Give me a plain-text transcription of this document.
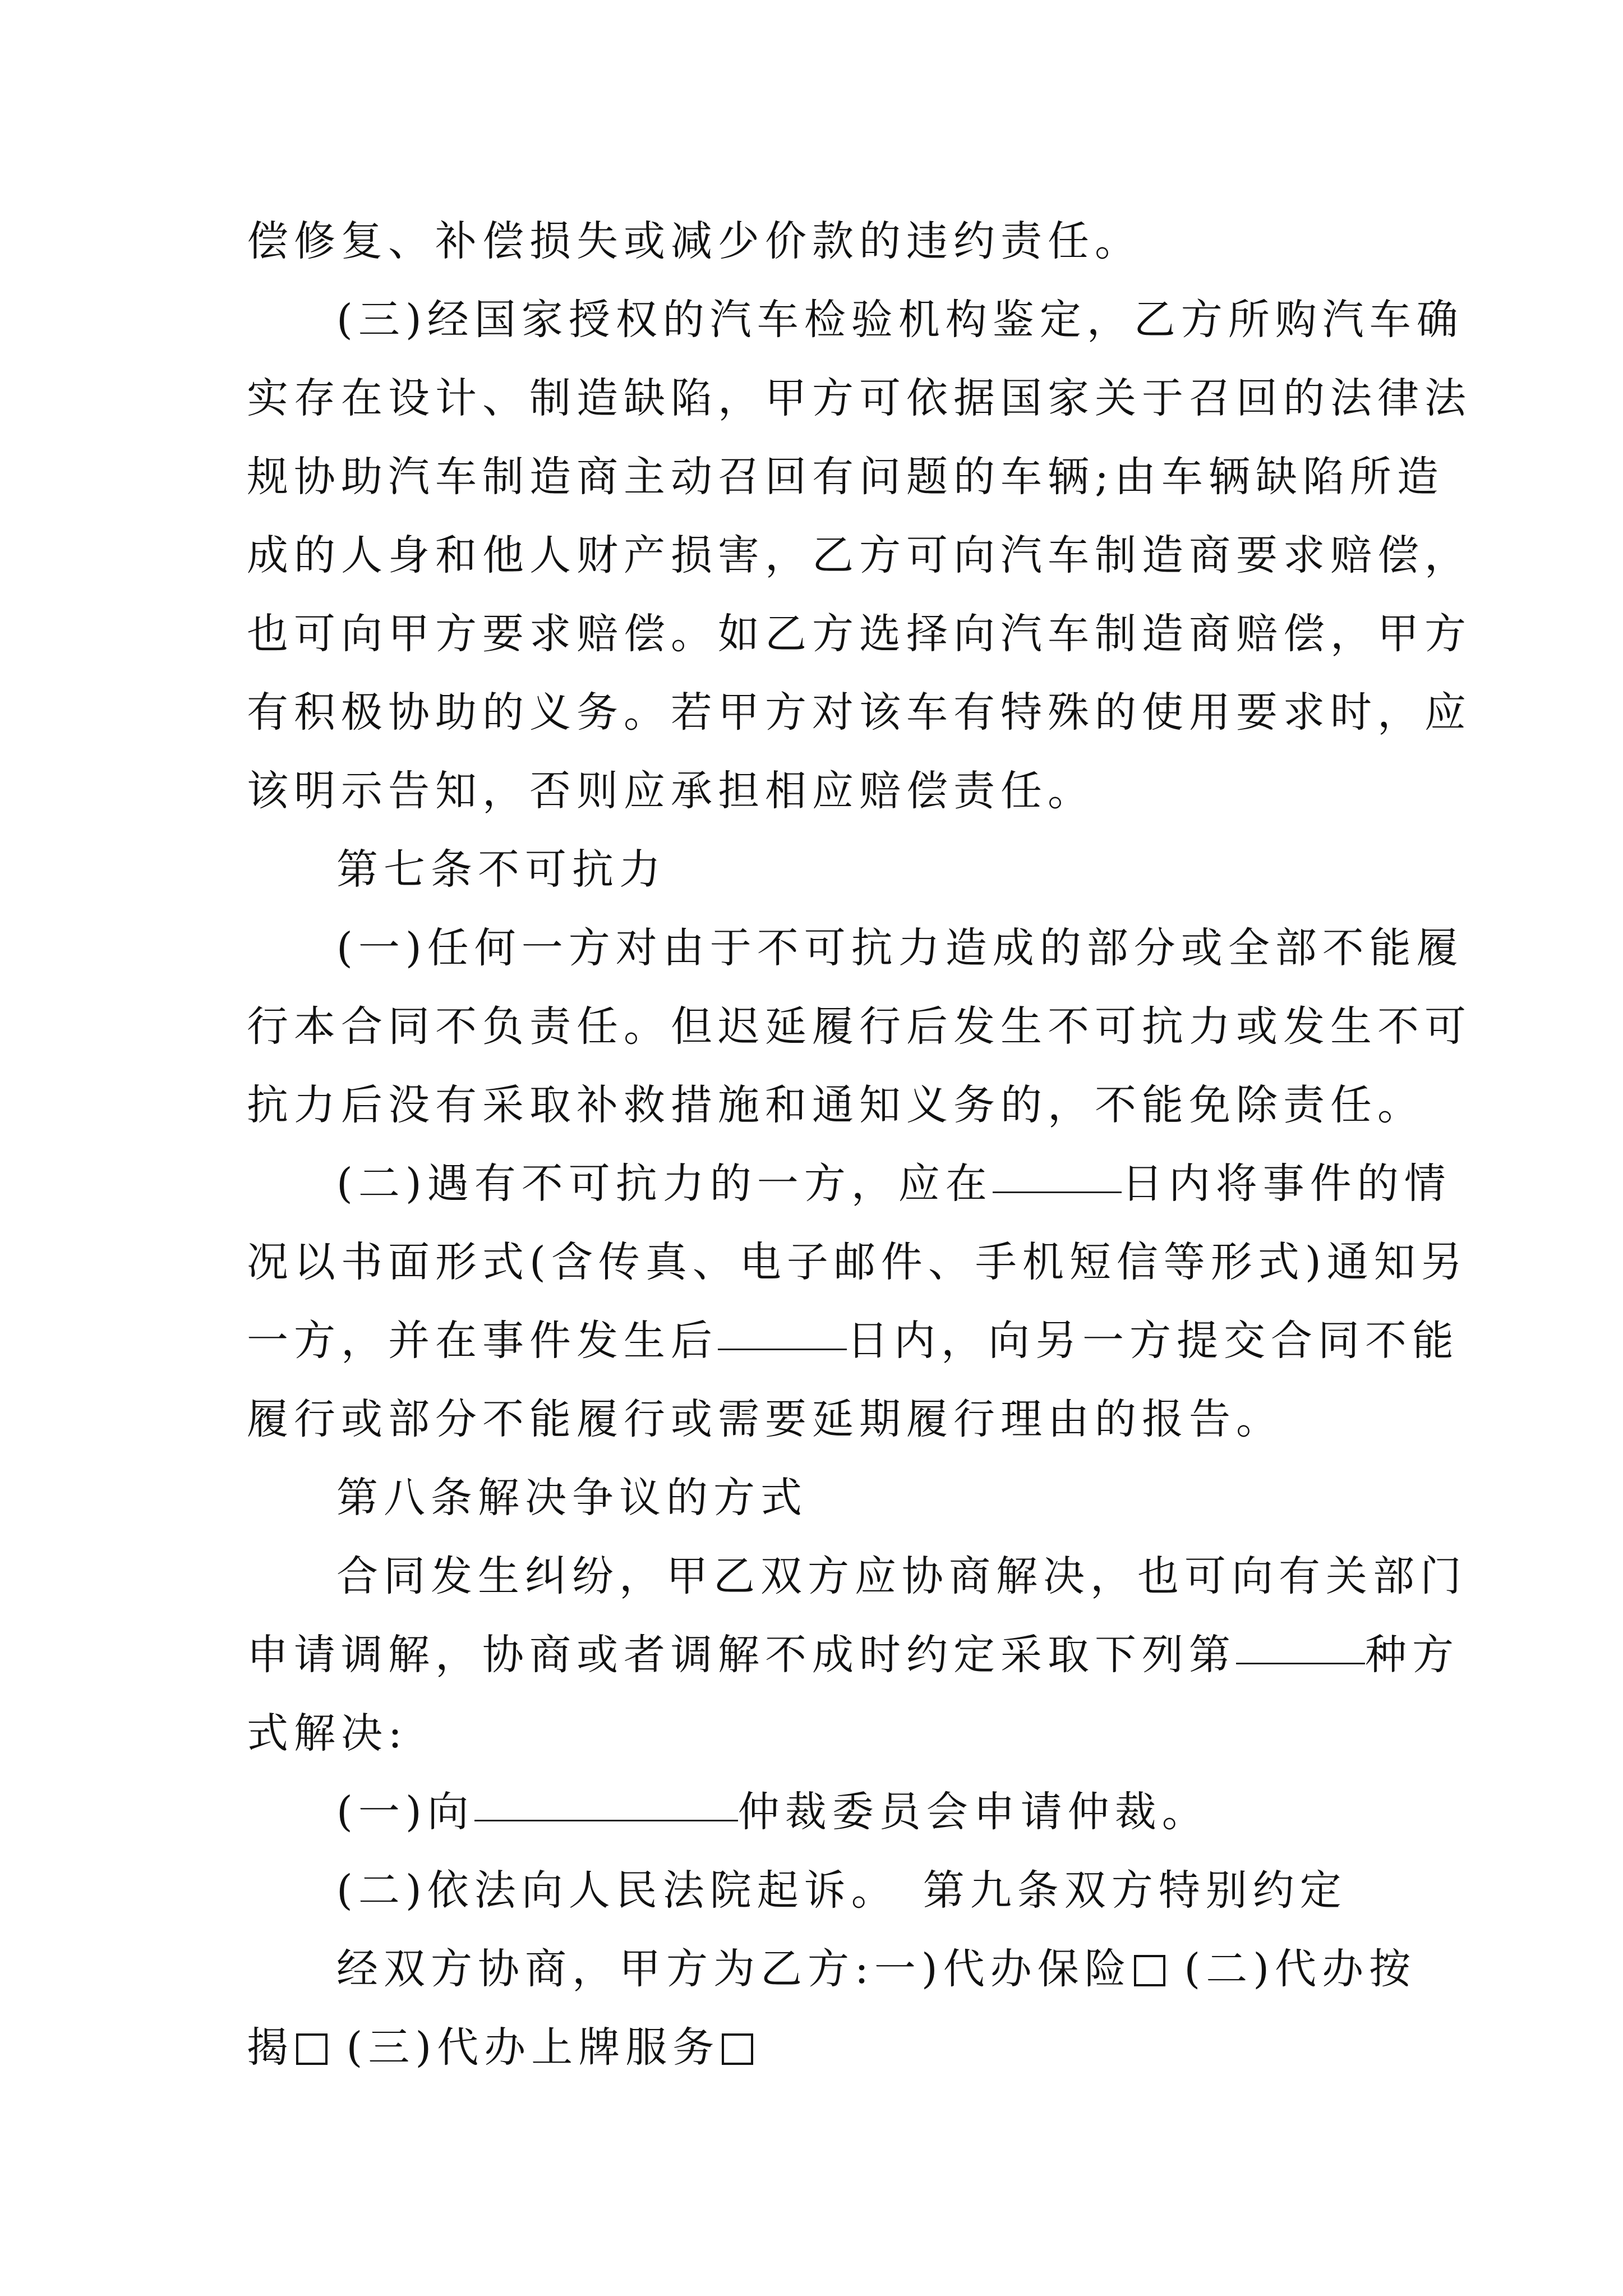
偿修复、补偿损失或减少价款的违约责任。
(三)经国家授权的汽车检验机构鉴定，乙方所购汽车确
实存在设计、制造缺陷，甲方可依据国家关于召回的法律法
规协助汽车制造商主动召回有问题的车辆;由车辆缺陷所造
成的人身和他人财产损害，乙方可向汽车制造商要求赔偿，
也可向甲方要求赔偿。如乙方选择向汽车制造商赔偿，甲方
有积极协助的义务。若甲方对该车有特殊的使用要求时，应
该明示告知，否则应承担相应赔偿责任。
第七条不可抗力
(一)任何一方对由于不可抗力造成的部分或全部不能履
行本合同不负责任。但迟延履行后发生不可抗力或发生不可
抗力后没有采取补救措施和通知义务的，不能免除责任。
(二)遇有不可抗力的一方，应在	日内将事件的情
况以书面形式(含传真、电子邮件、手机短信等形式)通知另
一方，并在事件发生后	日内，向另一方提交合同不能
履行或部分不能履行或需要延期履行理由的报告。
第八条解决争议的方式
合同发生纠纷，甲乙双方应协商解决，也可向有关部门
申请调解，协商或者调解不成时约定采取下列第	种方
式解决:
(一)向	仲裁委员会申请仲裁。
(二)依法向人民法院起诉。 第九条双方特别约定
经双方协商，甲方为乙方:一)代办保险 (二)代办按
揭 (三)代办上牌服务
